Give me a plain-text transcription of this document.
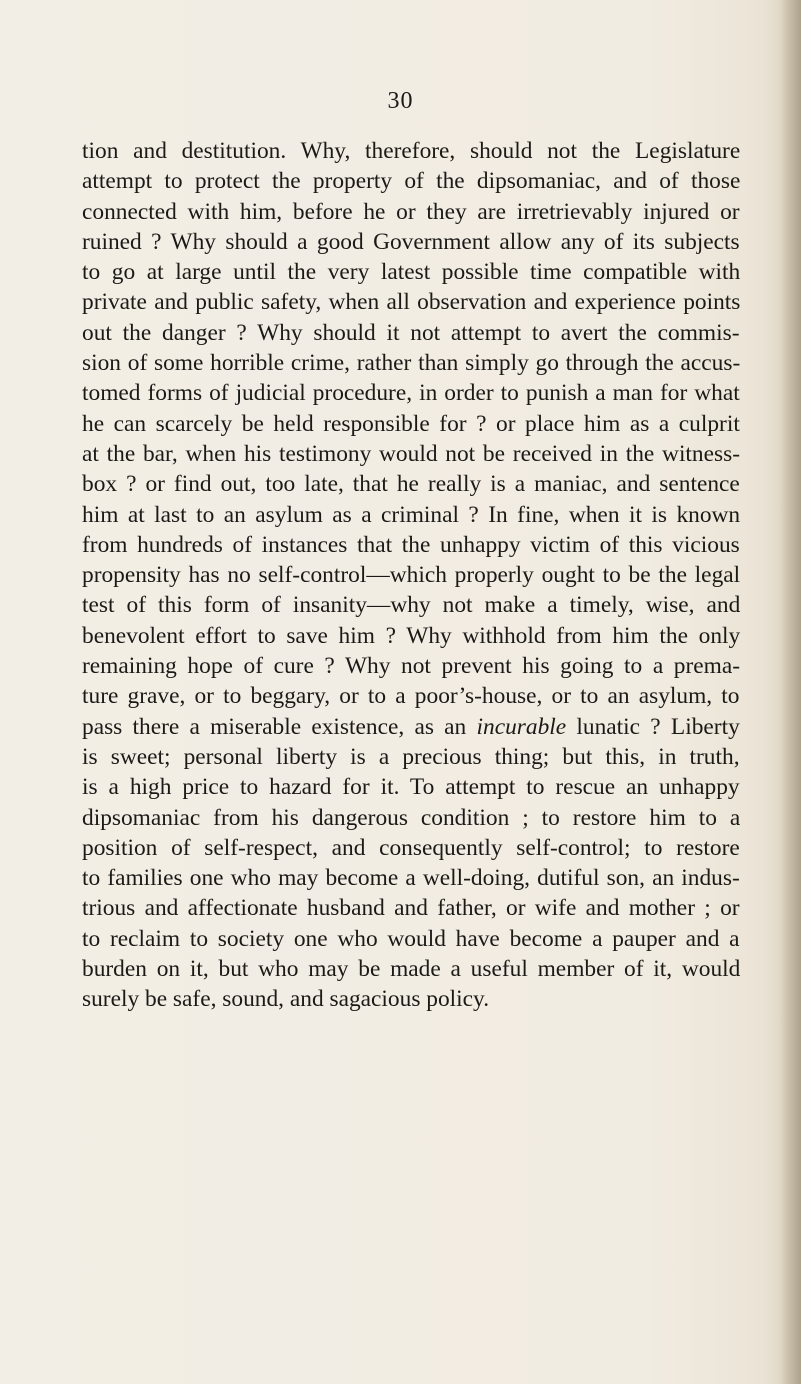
30
tion and destitution. Why, therefore, should not the Legislature
attempt to protect the property of the dipsomaniac, and of those
connected with him, before he or they are irretrievably injured or
ruined ? Why should a good Government allow any of its subjects
to go at large until the very latest possible time compatible with
private and public safety, when all observation and experience points
out the danger ? Why should it not attempt to avert the commis-
sion of some horrible crime, rather than simply go through the accus-
tomed forms of judicial procedure, in order to punish a man for what
he can scarcely be held responsible for ? or place him as a culprit
at the bar, when his testimony would not be received in the witness-
box ? or find out, too late, that he really is a maniac, and sentence
him at last to an asylum as a criminal ? In fine, when it is known
from hundreds of instances that the unhappy victim of this vicious
propensity has no self-control—which properly ought to be the legal
test of this form of insanity—why not make a timely, wise, and
benevolent effort to save him ? Why withhold from him the only
remaining hope of cure ? Why not prevent his going to a prema-
ture grave, or to beggary, or to a poor’s-house, or to an asylum, to
pass there a miserable existence, as an incurable lunatic ? Liberty
is sweet; personal liberty is a precious thing; but this, in truth,
is a high price to hazard for it. To attempt to rescue an unhappy
dipsomaniac from his dangerous condition ; to restore him to a
position of self-respect, and consequently self-control; to restore
to families one who may become a well-doing, dutiful son, an indus-
trious and affectionate husband and father, or wife and mother ; or
to reclaim to society one who would have become a pauper and a
burden on it, but who may be made a useful member of it, would
surely be safe, sound, and sagacious policy.
